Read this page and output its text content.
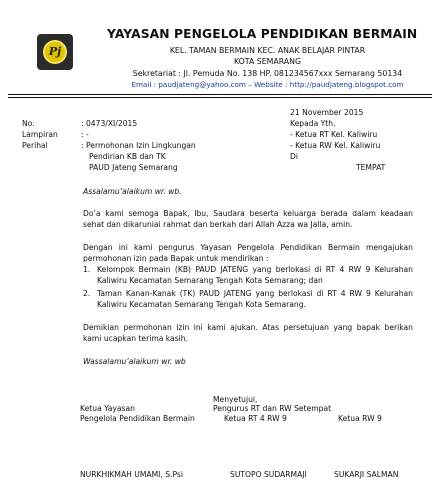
Pj
YAYASAN PENGELOLA PENDIDIKAN BERMAIN
KEL. TAMAN BERMAIN KEC. ANAK BELAJAR PINTAR
KOTA SEMARANG
Sekretariat : Jl. Pemuda No. 138 HP. 081234567xxx Semarang 50134
Email : paudjateng@yahoo.com – Website : http://paudjateng.blogspot.com
21 November 2015
Kepada Yth.
- Ketua RT Kel. Kaliwiru
- Ketua RW Kel. Kaliwiru
Di
TEMPAT
No.	: 0473/XI/2015
Lampiran	: -
Perihal	: Permohonan Izin Lingkungan
Pendirian KB dan TK
PAUD Jateng Semarang
Assalamu’alaikum wr. wb.
Do’a kami semoga Bapak, Ibu, Saudara beserta keluarga berada dalam keadaan sehat dan dikaruniai rahmat dan berkah dari Allah Azza wa Jalla, amin.
Dengan ini kami pengurus Yayasan Pengelola Pendidikan Bermain mengajukan permohonan izin pada Bapak untuk mendirikan :
1. Kelompok Bermain (KB) PAUD JATENG yang berlokasi di RT 4 RW 9 Kelurahan Kaliwiru Kecamatan Semarang Tengah Kota Semarang; dan
2. Taman Kanan-Kanak (TK) PAUD JATENG yang berlokasi di RT 4 RW 9 Kelurahan Kaliwiru Kecamatan Semarang Tengah Kota Semarang.
Demikian permohonan izin ini kami ajukan. Atas persetujuan yang bapak berikan kami ucapkan terima kasih.
Wassalamu’alaikum wr. wb
Menyetujui,
Ketua Yayasan	Pengurus RT dan RW Setempat
Pengelola Pendidikan Bermain	Ketua RT 4 RW 9	Ketua RW 9
NURKHIKMAH UMAMI, S.Psi	SUTOPO SUDARMAJI	SUKARJI SALMAN
